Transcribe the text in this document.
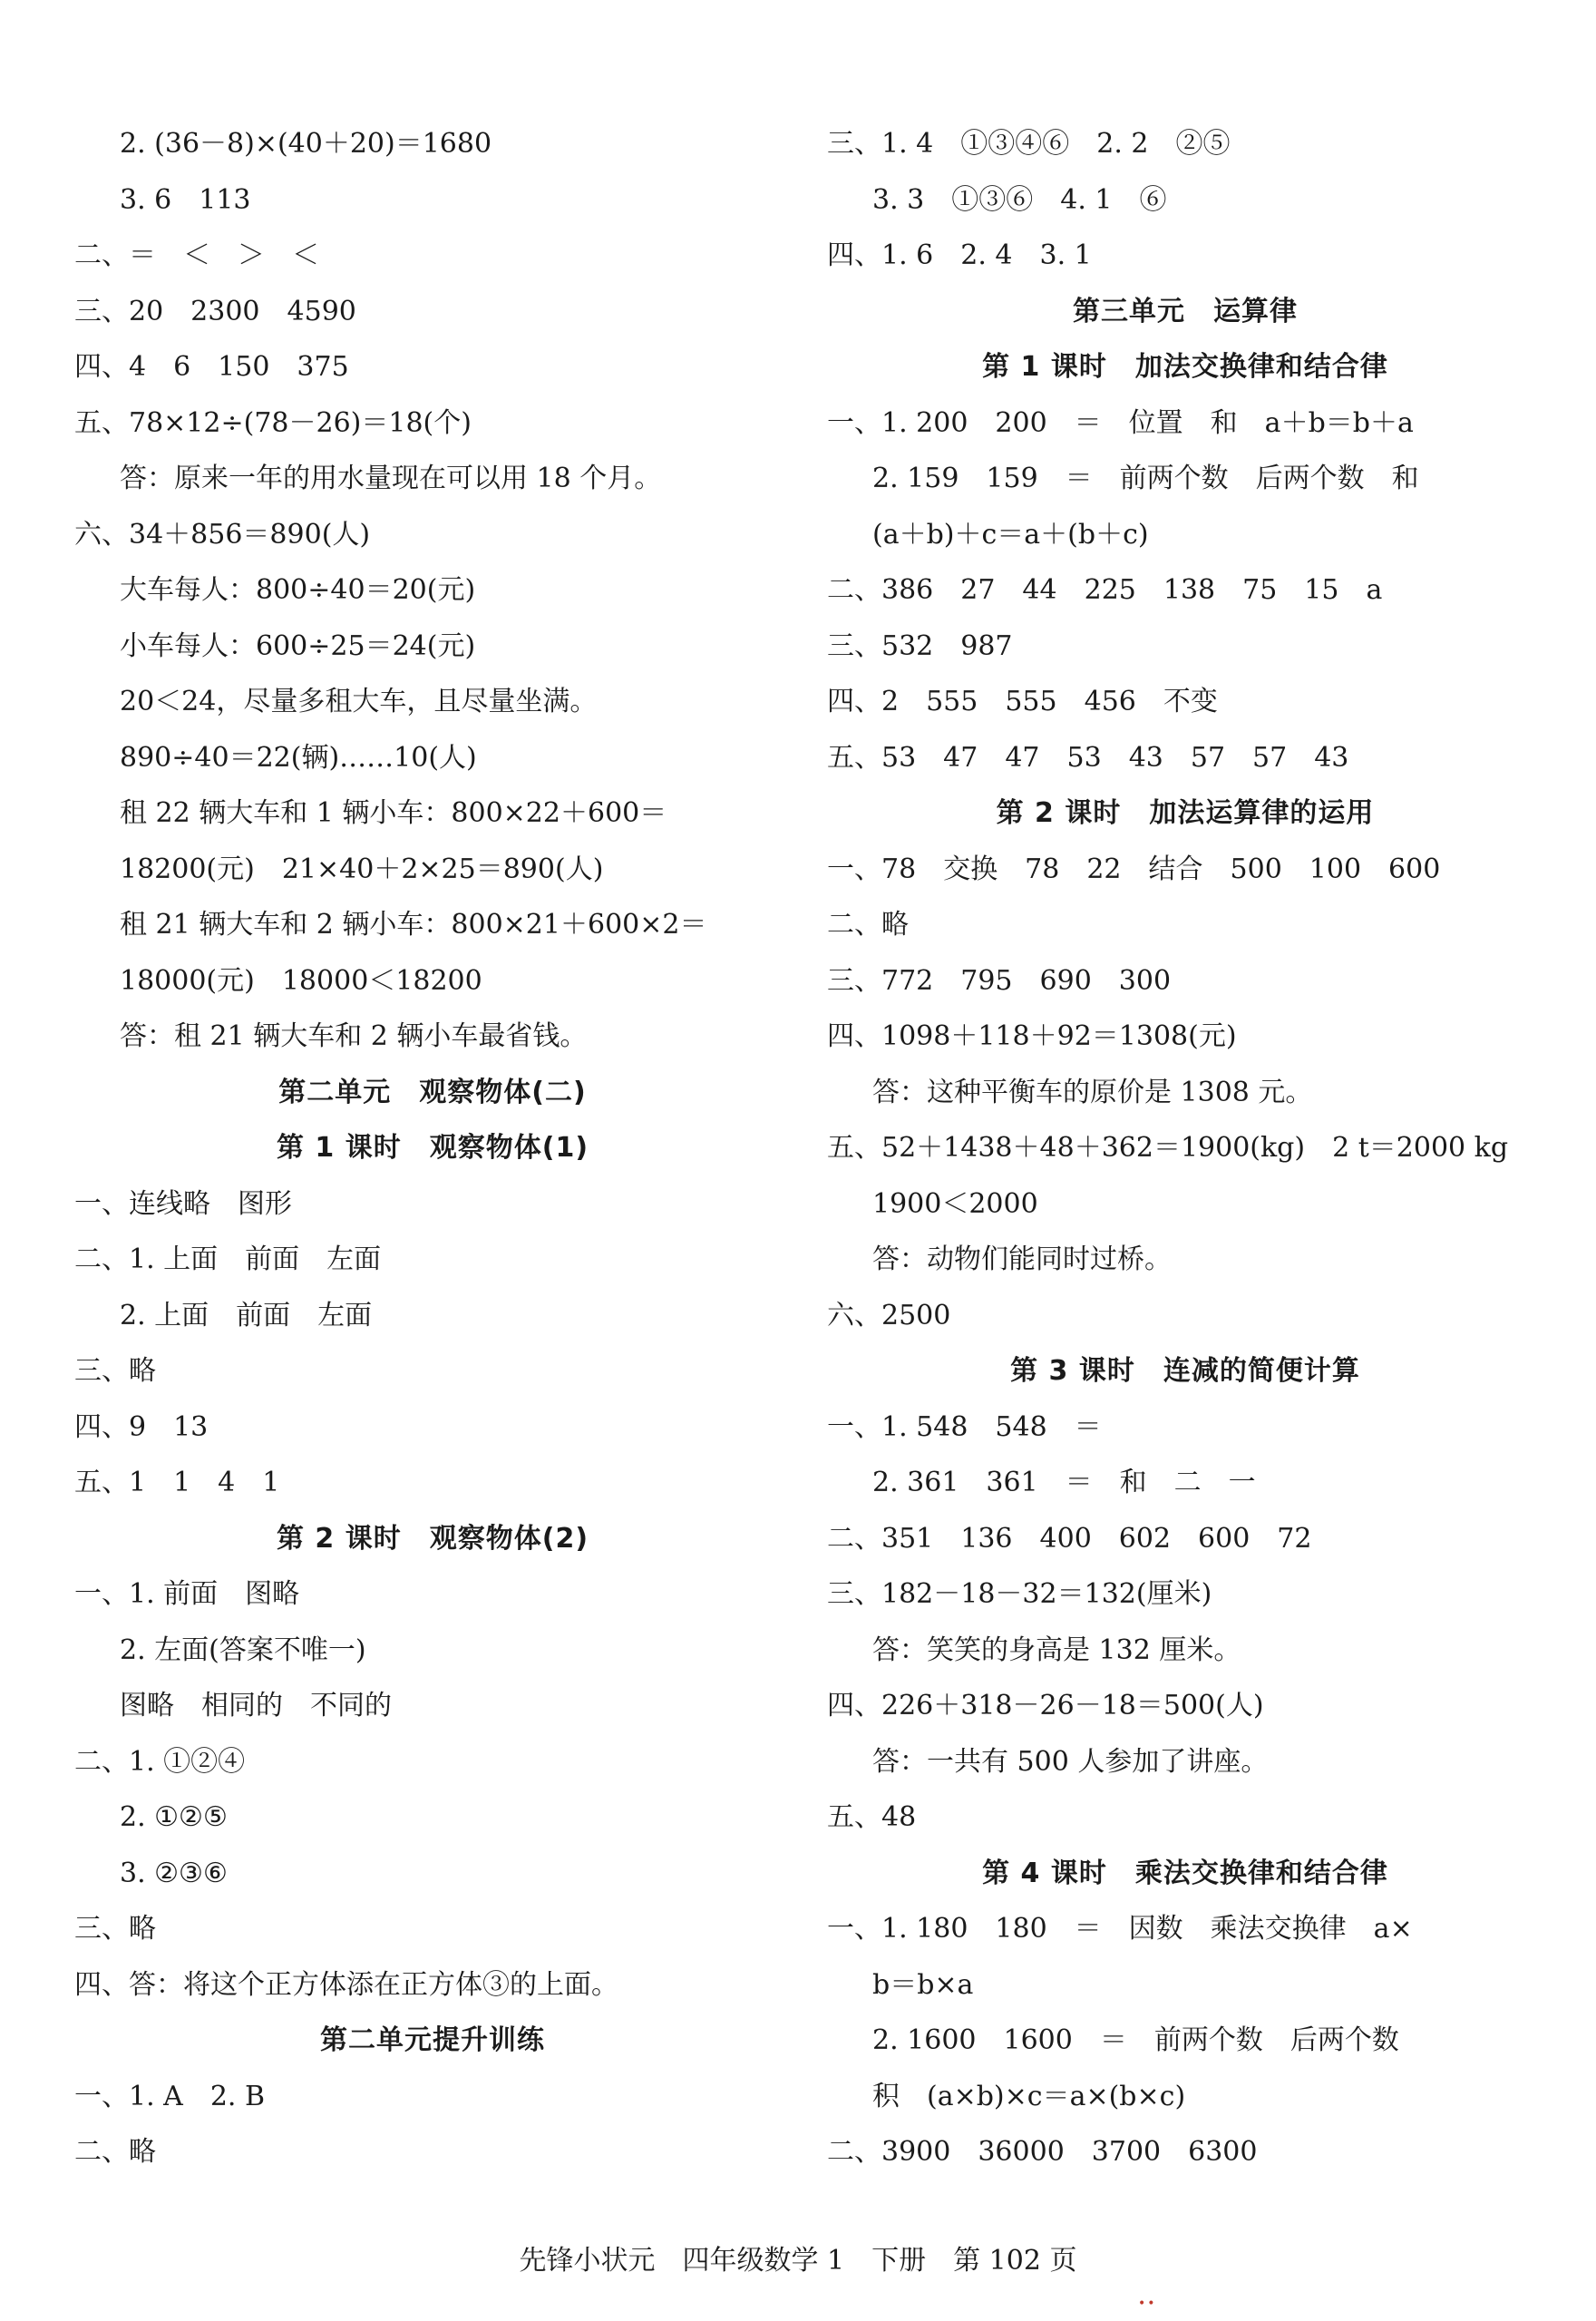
2. (36－8)×(40＋20)＝1680
3. 6　113
二、＝　＜　＞　＜
三、20　2300　4590
四、4　6　150　375
五、78×12÷(78－26)＝18(个)
答：原来一年的用水量现在可以用 18 个月。
六、34＋856＝890(人)
大车每人：800÷40＝20(元)
小车每人：600÷25＝24(元)
20＜24，尽量多租大车，且尽量坐满。
890÷40＝22(辆)……10(人)
租 22 辆大车和 1 辆小车：800×22＋600＝
18200(元)　21×40＋2×25＝890(人)
租 21 辆大车和 2 辆小车：800×21＋600×2＝
18000(元)　18000＜18200
答：租 21 辆大车和 2 辆小车最省钱。
第二单元　观察物体(二)
第 1 课时　观察物体(1)
一、连线略　图形
二、1. 上面　前面　左面
2. 上面　前面　左面
三、略
四、9　13
五、1　1　4　1
第 2 课时　观察物体(2)
一、1. 前面　图略
2. 左面(答案不唯一)
图略　相同的　不同的
二、1. ①②④
2. ①②⑤
3. ②③⑥
三、略
四、答：将这个正方体添在正方体③的上面。
第二单元提升训练
一、1. A　2. B
二、略
三、1. 4　①③④⑥　2. 2　②⑤
3. 3　①③⑥　4. 1　⑥
四、1. 6　2. 4　3. 1
第三单元　运算律
第 1 课时　加法交换律和结合律
一、1. 200　200　＝　位置　和　a＋b＝b＋a
2. 159　159　＝　前两个数　后两个数　和
(a＋b)＋c＝a＋(b＋c)
二、386　27　44　225　138　75　15　a
三、532　987
四、2　555　555　456　不变
五、53　47　47　53　43　57　57　43
第 2 课时　加法运算律的运用
一、78　交换　78　22　结合　500　100　600
二、略
三、772　795　690　300
四、1098＋118＋92＝1308(元)
答：这种平衡车的原价是 1308 元。
五、52＋1438＋48＋362＝1900(kg)　2 t＝2000 kg
1900＜2000
答：动物们能同时过桥。
六、2500
第 3 课时　连减的简便计算
一、1. 548　548　＝
2. 361　361　＝　和　二　一
二、351　136　400　602　600　72
三、182－18－32＝132(厘米)
答：笑笑的身高是 132 厘米。
四、226＋318－26－18＝500(人)
答：一共有 500 人参加了讲座。
五、48
第 4 课时　乘法交换律和结合律
一、1. 180　180　＝　因数　乘法交换律　a×
b＝b×a
2. 1600　1600　＝　前两个数　后两个数
积　(a×b)×c＝a×(b×c)
二、3900　36000　3700　6300
先锋小状元　四年级数学 1　下册　第 102 页
••
